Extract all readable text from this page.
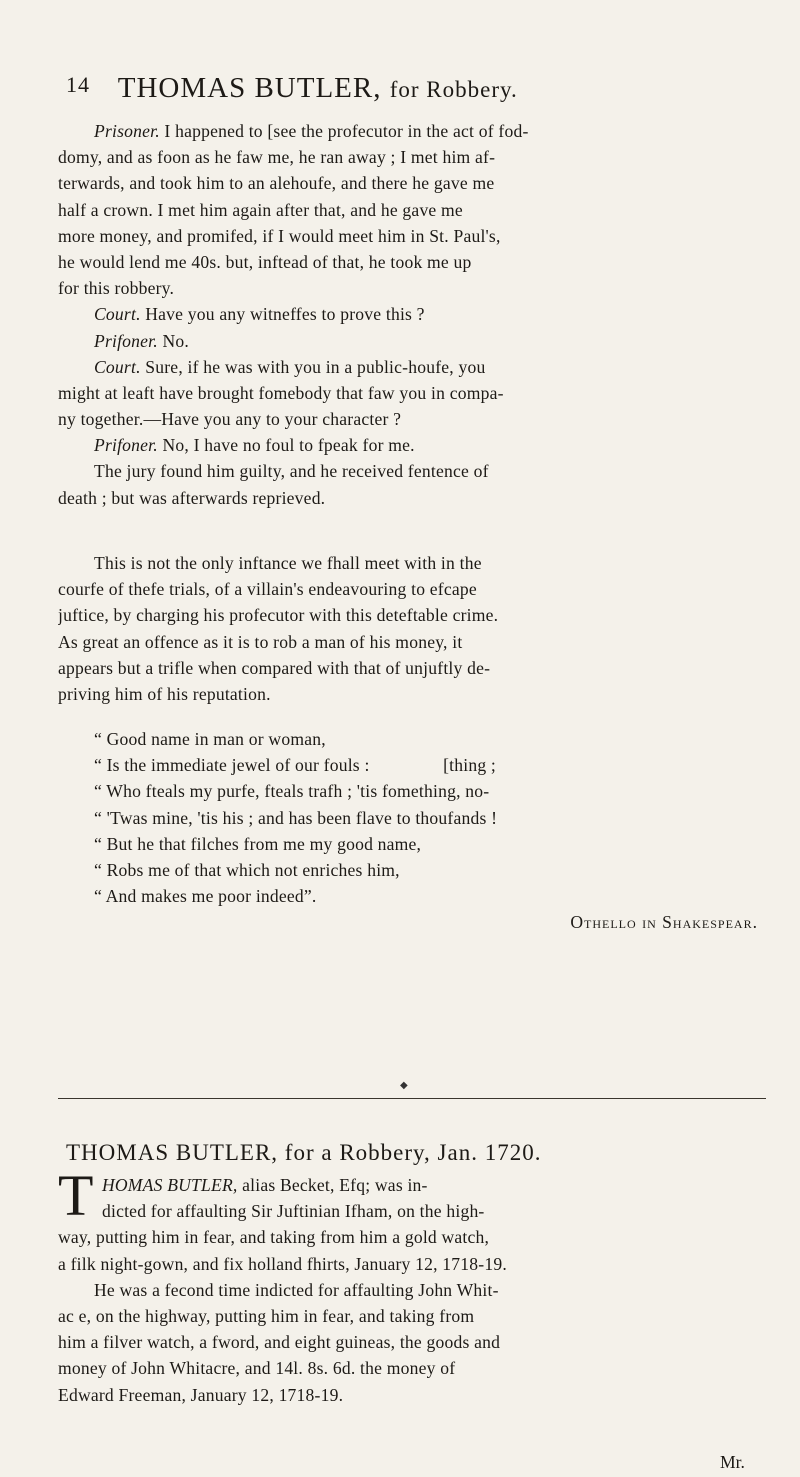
14 THOMAS BUTLER, for Robbery.
Prisoner. I happened to [see the profecutor in the act of fod-
domy, and as foon as he faw me, he ran away ; I met him af-
terwards, and took him to an alehoufe, and there he gave me
half a crown. I met him again after that, and he gave me
more money, and promifed, if I would meet him in St. Paul's,
he would lend me 40s. but, inftead of that, he took me up
for this robbery.
Court. Have you any witneffes to prove this ?
Prifoner. No.
Court. Sure, if he was with you in a public-houfe, you
might at leaft have brought fomebody that faw you in compa-
ny together.—Have you any to your character ?
Prifoner. No, I have no foul to fpeak for me.
The jury found him guilty, and he received fentence of
death ; but was afterwards reprieved.
This is not the only inftance we fhall meet with in the
courfe of thefe trials, of a villain's endeavouring to efcape
juftice, by charging his profecutor with this deteftable crime.
As great an offence as it is to rob a man of his money, it
appears but a trifle when compared with that of unjuftly de-
priving him of his reputation.
“ Good name in man or woman,
“ Is the immediate jewel of our fouls :                [thing ;
“ Who fteals my purfe, fteals trafh ; 'tis fomething, no-
“ 'Twas mine, 'tis his ; and has been flave to thoufands !
“ But he that filches from me my good name,
“ Robs me of that which not enriches him,
“ And makes me poor indeed”.
Othello in Shakespear.
◆
THOMAS BUTLER, for a Robbery, Jan. 1720.
T HOMAS BUTLER, alias Becket, Efq; was in-
dicted for affaulting Sir Juftinian Ifham, on the high-
way, putting him in fear, and taking from him a gold watch,
a filk night-gown, and fix holland fhirts, January 12, 1718-19.
He was a fecond time indicted for affaulting John Whit-
ac e, on the highway, putting him in fear, and taking from
him a filver watch, a fword, and eight guineas, the goods and
money of John Whitacre, and 14l. 8s. 6d. the money of
Edward Freeman, January 12, 1718-19.
Mr.
